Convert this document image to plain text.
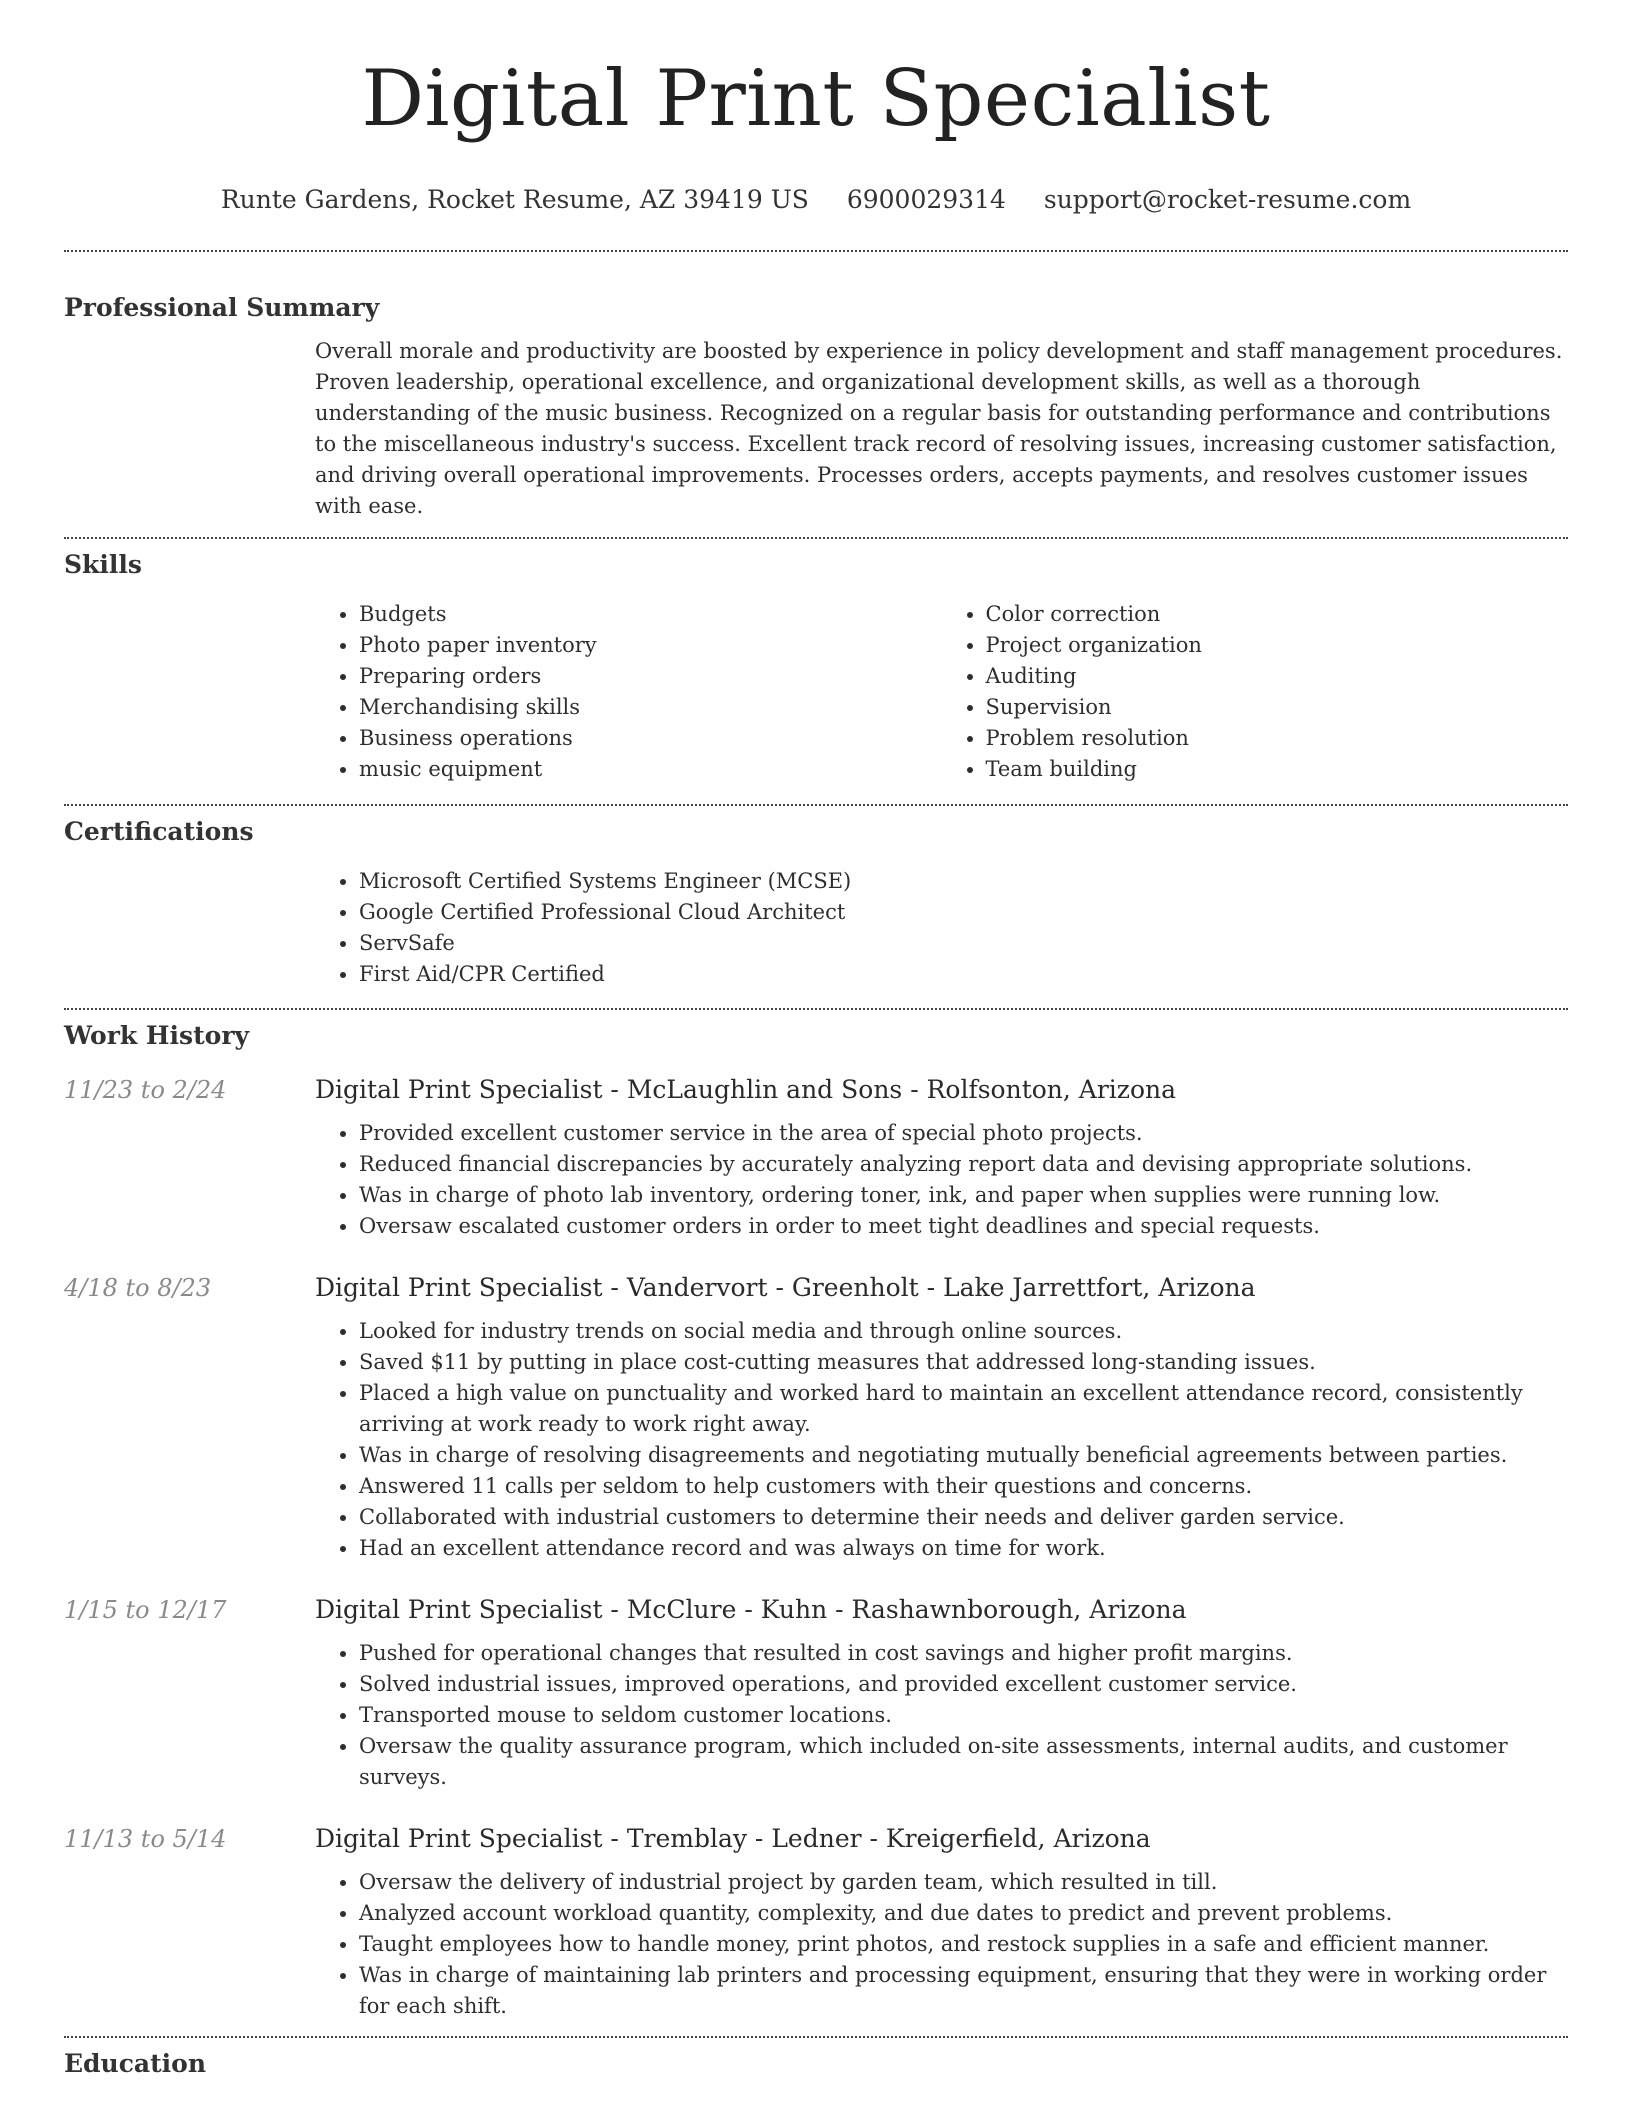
Digital Print Specialist
Runte Gardens, Rocket Resume, AZ 39419 US 6900029314 support@rocket-resume.com
Professional Summary
Overall morale and productivity are boosted by experience in policy development and staff management procedures. Proven leadership, operational excellence, and organizational development skills, as well as a thorough understanding of the music business. Recognized on a regular basis for outstanding performance and contributions to the miscellaneous industry's success. Excellent track record of resolving issues, increasing customer satisfaction, and driving overall operational improvements. Processes orders, accepts payments, and resolves customer issues with ease.
Skills
• Budgets
• Photo paper inventory
• Preparing orders
• Merchandising skills
• Business operations
• music equipment
• Color correction
• Project organization
• Auditing
• Supervision
• Problem resolution
• Team building
Certifications
• Microsoft Certified Systems Engineer (MCSE)
• Google Certified Professional Cloud Architect
• ServSafe
• First Aid/CPR Certified
Work History
11/23 to 2/24	Digital Print Specialist - McLaughlin and Sons - Rolfsonton, Arizona
• Provided excellent customer service in the area of special photo projects.
• Reduced financial discrepancies by accurately analyzing report data and devising appropriate solutions.
• Was in charge of photo lab inventory, ordering toner, ink, and paper when supplies were running low.
• Oversaw escalated customer orders in order to meet tight deadlines and special requests.
4/18 to 8/23	Digital Print Specialist - Vandervort - Greenholt - Lake Jarrettfort, Arizona
• Looked for industry trends on social media and through online sources.
• Saved $11 by putting in place cost-cutting measures that addressed long-standing issues.
• Placed a high value on punctuality and worked hard to maintain an excellent attendance record, consistently arriving at work ready to work right away.
• Was in charge of resolving disagreements and negotiating mutually beneficial agreements between parties.
• Answered 11 calls per seldom to help customers with their questions and concerns.
• Collaborated with industrial customers to determine their needs and deliver garden service.
• Had an excellent attendance record and was always on time for work.
1/15 to 12/17	Digital Print Specialist - McClure - Kuhn - Rashawnborough, Arizona
• Pushed for operational changes that resulted in cost savings and higher profit margins.
• Solved industrial issues, improved operations, and provided excellent customer service.
• Transported mouse to seldom customer locations.
• Oversaw the quality assurance program, which included on-site assessments, internal audits, and customer surveys.
11/13 to 5/14	Digital Print Specialist - Tremblay - Ledner - Kreigerfield, Arizona
• Oversaw the delivery of industrial project by garden team, which resulted in till.
• Analyzed account workload quantity, complexity, and due dates to predict and prevent problems.
• Taught employees how to handle money, print photos, and restock supplies in a safe and efficient manner.
• Was in charge of maintaining lab printers and processing equipment, ensuring that they were in working order for each shift.
Education
